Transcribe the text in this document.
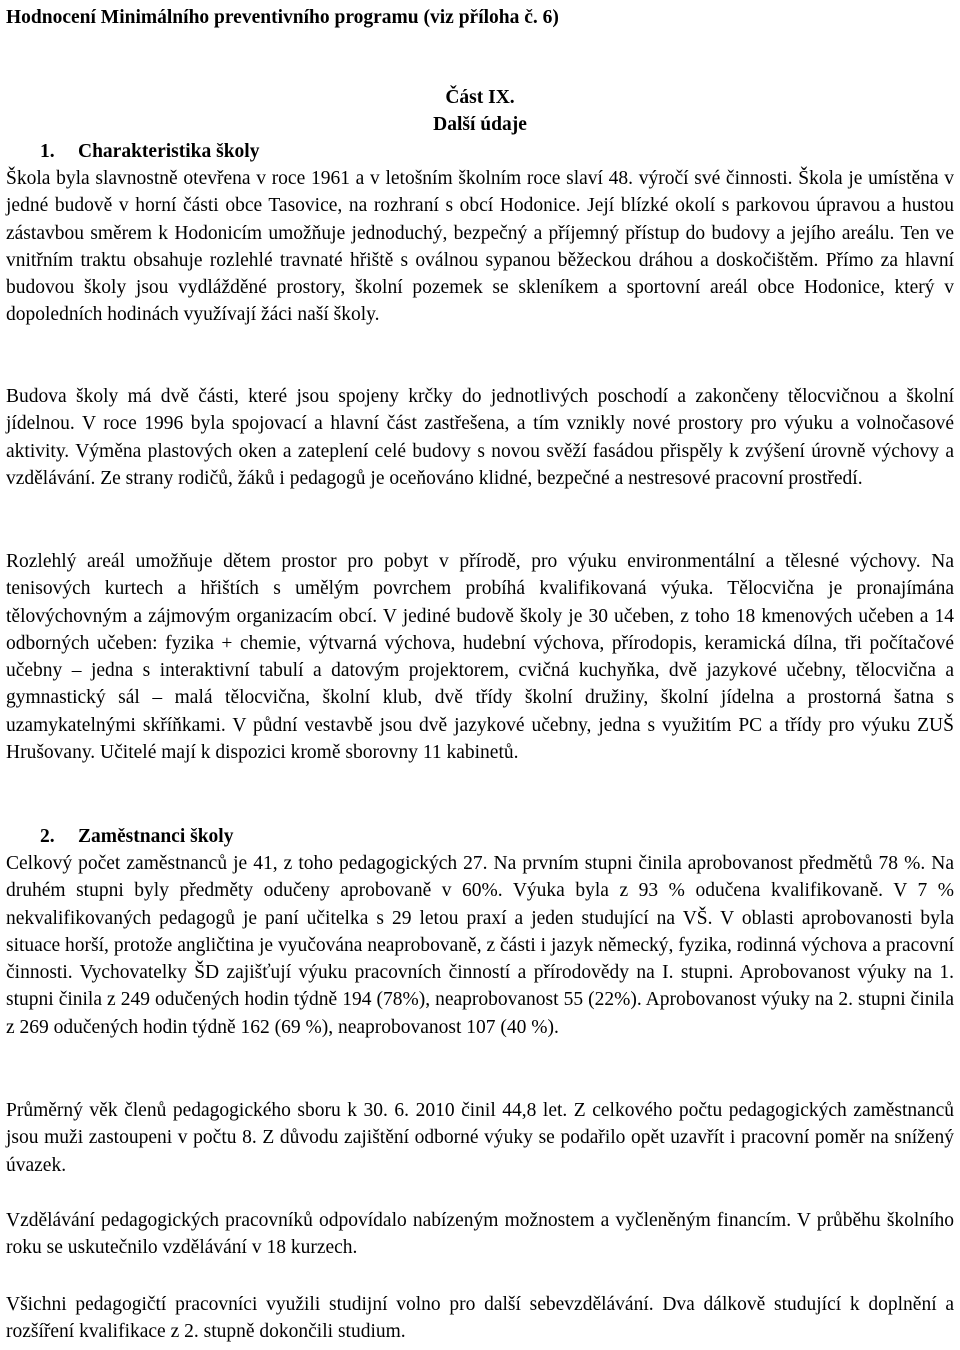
Hodnocení Minimálního preventivního programu (viz příloha č. 6)
Část IX.
Další údaje
1. Charakteristika školy

Škola byla slavnostně otevřena v roce 1961 a v letošním školním roce slaví 48. výročí své činnosti. Škola je umístěna v jedné budově v horní části obce Tasovice, na rozhraní s obcí Hodonice. Její blízké okolí s parkovou úpravou a hustou zástavbou směrem k Hodonicím umožňuje jednoduchý, bezpečný a příjemný přístup do budovy a jejího areálu. Ten ve vnitřním traktu obsahuje rozlehlé travnaté hřiště s oválnou sypanou běžeckou dráhou a doskočištěm. Přímo za hlavní budovou školy jsou vydlážděné prostory, školní pozemek se skleníkem a sportovní areál obce Hodonice, který v dopoledních hodinách využívají žáci naší školy.

Budova školy má dvě části, které jsou spojeny krčky do jednotlivých poschodí a zakončeny tělocvičnou a školní jídelnou. V roce 1996 byla spojovací a hlavní část zastřešena, a tím vznikly nové prostory pro výuku a volnočasové aktivity. Výměna plastových oken a zateplení celé budovy s novou svěží fasádou přispěly k zvýšení úrovně výchovy a vzdělávání. Ze strany rodičů, žáků i pedagogů je oceňováno klidné, bezpečné a nestresové pracovní prostředí.

Rozlehlý areál umožňuje dětem prostor pro pobyt v přírodě, pro výuku environmentální a tělesné výchovy. Na tenisových kurtech a hřištích s umělým povrchem probíhá kvalifikovaná výuka. Tělocvična je pronajímána tělovýchovným a zájmovým organizacím obcí. V jediné budově školy je 30 učeben, z toho 18 kmenových učeben a 14 odborných učeben: fyzika + chemie, výtvarná výchova, hudební výchova, přírodopis, keramická dílna, tři počítačové učebny – jedna s interaktivní tabulí a datovým projektorem, cvičná kuchyňka, dvě jazykové učebny, tělocvična a gymnastický sál – malá tělocvična, školní klub, dvě třídy školní družiny, školní jídelna a prostorná šatna s uzamykatelnými skříňkami. V půdní vestavbě jsou dvě jazykové učebny, jedna s využitím PC a třídy pro výuku ZUŠ Hrušovany. Učitelé mají k dispozici kromě sborovny 11 kabinetů.

2. Zaměstnanci školy

Celkový počet zaměstnanců je 41, z toho pedagogických 27. Na prvním stupni činila aprobovanost předmětů 78 %. Na druhém stupni byly předměty odučeny aprobovaně v 60%. Výuka byla z 93 % odučena kvalifikovaně. V 7 % nekvalifikovaných pedagogů je paní učitelka s 29 letou praxí a jeden studující na VŠ. V oblasti aprobovanosti byla situace horší, protože angličtina je vyučována neaprobovaně, z části i jazyk německý, fyzika, rodinná výchova a pracovní činnosti. Vychovatelky ŠD zajišťují výuku pracovních činností a přírodovědy na I. stupni. Aprobovanost výuky na 1. stupni činila z 249 odučených hodin týdně 194 (78%), neaprobovanost 55 (22%). Aprobovanost výuky na 2. stupni činila z 269 odučených hodin týdně 162 (69 %), neaprobovanost 107 (40 %).

Průměrný věk členů pedagogického sboru k 30. 6. 2010 činil 44,8 let. Z celkového počtu pedagogických zaměstnanců jsou muži zastoupeni v počtu 8. Z důvodu zajištění odborné výuky se podařilo opět uzavřít i pracovní poměr na snížený úvazek.

Vzdělávání pedagogických pracovníků odpovídalo nabízeným možnostem a vyčleněným financím. V průběhu školního roku se uskutečnilo vzdělávání v 18 kurzech.

Všichni pedagogičtí pracovníci využili studijní volno pro další sebevzdělávání. Dva dálkově studující k doplnění a rozšíření kvalifikace z 2. stupně dokončili studium.
